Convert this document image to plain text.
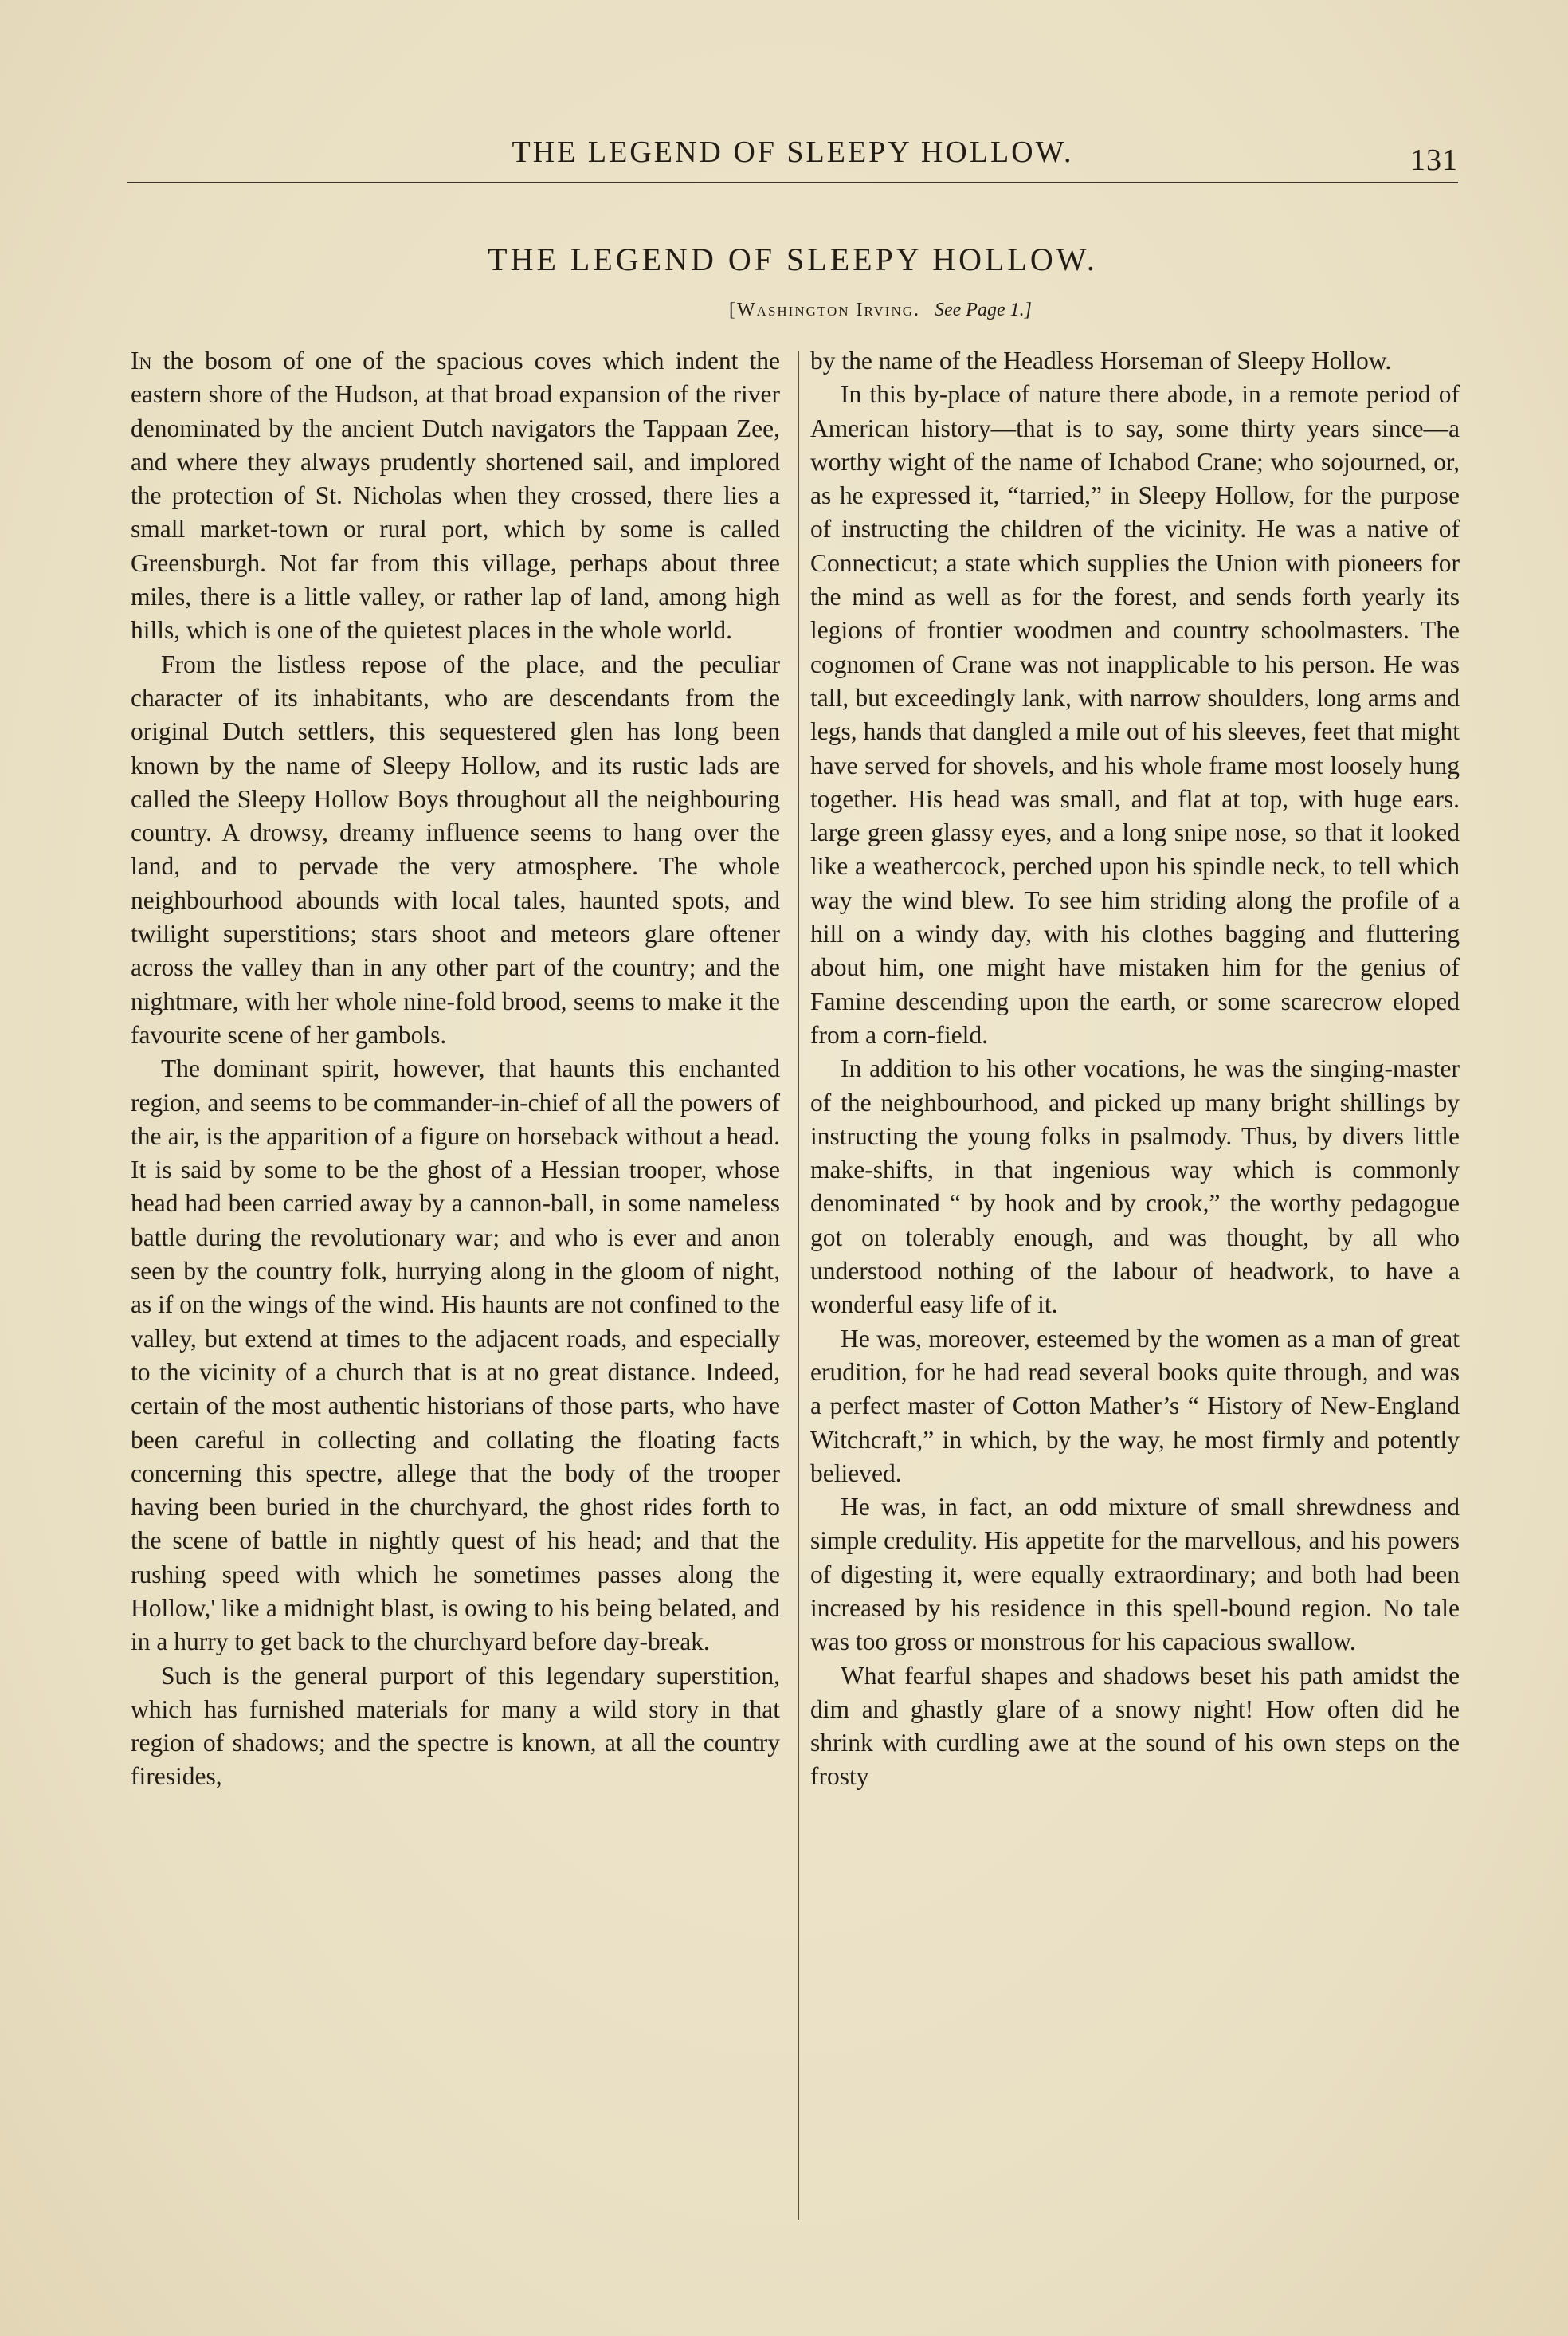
THE LEGEND OF SLEEPY HOLLOW.	131
THE LEGEND OF SLEEPY HOLLOW.
[Washington Irving. See Page 1.]

In the bosom of one of the spacious coves which indent the eastern shore of the Hudson, at that broad expansion of the river denominated by the ancient Dutch navigators the Tappaan Zee, and where they always prudently shortened sail, and implored the protection of St. Nicholas when they crossed, there lies a small market-town or rural port, which by some is called Greensburgh. Not far from this village, perhaps about three miles, there is a little valley, or rather lap of land, among high hills, which is one of the quietest places in the whole world.

From the listless repose of the place, and the peculiar character of its inhabitants, who are descendants from the original Dutch settlers, this sequestered glen has long been known by the name of Sleepy Hollow, and its rustic lads are called the Sleepy Hollow Boys throughout all the neighbouring country. A drowsy, dreamy influence seems to hang over the land, and to pervade the very atmosphere. The whole neighbourhood abounds with local tales, haunted spots, and twilight superstitions; stars shoot and meteors glare oftener across the valley than in any other part of the country; and the nightmare, with her whole nine-fold brood, seems to make it the favourite scene of her gambols.

The dominant spirit, however, that haunts this enchanted region, and seems to be commander-in-chief of all the powers of the air, is the apparition of a figure on horseback without a head. It is said by some to be the ghost of a Hessian trooper, whose head had been carried away by a cannon-ball, in some nameless battle during the revolutionary war; and who is ever and anon seen by the country folk, hurrying along in the gloom of night, as if on the wings of the wind. His haunts are not confined to the valley, but extend at times to the adjacent roads, and especially to the vicinity of a church that is at no great distance. Indeed, certain of the most authentic historians of those parts, who have been careful in collecting and collating the floating facts concerning this spectre, allege that the body of the trooper having been buried in the churchyard, the ghost rides forth to the scene of battle in nightly quest of his head; and that the rushing speed with which he sometimes passes along the Hollow,' like a midnight blast, is owing to his being belated, and in a hurry to get back to the churchyard before day-break.

Such is the general purport of this legendary superstition, which has furnished materials for many a wild story in that region of shadows; and the spectre is known, at all the country firesides,

by the name of the Headless Horseman of Sleepy Hollow.

In this by-place of nature there abode, in a remote period of American history—that is to say, some thirty years since—a worthy wight of the name of Ichabod Crane; who sojourned, or, as he expressed it, “tarried,” in Sleepy Hollow, for the purpose of instructing the children of the vicinity. He was a native of Connecticut; a state which supplies the Union with pioneers for the mind as well as for the forest, and sends forth yearly its legions of frontier woodmen and country schoolmasters. The cognomen of Crane was not inapplicable to his person. He was tall, but exceedingly lank, with narrow shoulders, long arms and legs, hands that dangled a mile out of his sleeves, feet that might have served for shovels, and his whole frame most loosely hung together. His head was small, and flat at top, with huge ears. large green glassy eyes, and a long snipe nose, so that it looked like a weathercock, perched upon his spindle neck, to tell which way the wind blew. To see him striding along the profile of a hill on a windy day, with his clothes bagging and fluttering about him, one might have mistaken him for the genius of Famine descending upon the earth, or some scarecrow eloped from a corn-field.

In addition to his other vocations, he was the singing-master of the neighbourhood, and picked up many bright shillings by instructing the young folks in psalmody. Thus, by divers little make-shifts, in that ingenious way which is commonly denominated “ by hook and by crook,” the worthy pedagogue got on tolerably enough, and was thought, by all who understood nothing of the labour of headwork, to have a wonderful easy life of it.

He was, moreover, esteemed by the women as a man of great erudition, for he had read several books quite through, and was a perfect master of Cotton Mather’s “ History of New-England Witchcraft,” in which, by the way, he most firmly and potently believed.

He was, in fact, an odd mixture of small shrewdness and simple credulity. His appetite for the marvellous, and his powers of digesting it, were equally extraordinary; and both had been increased by his residence in this spell-bound region. No tale was too gross or monstrous for his capacious swallow.

What fearful shapes and shadows beset his path amidst the dim and ghastly glare of a snowy night! How often did he shrink with curdling awe at the sound of his own steps on the frosty
